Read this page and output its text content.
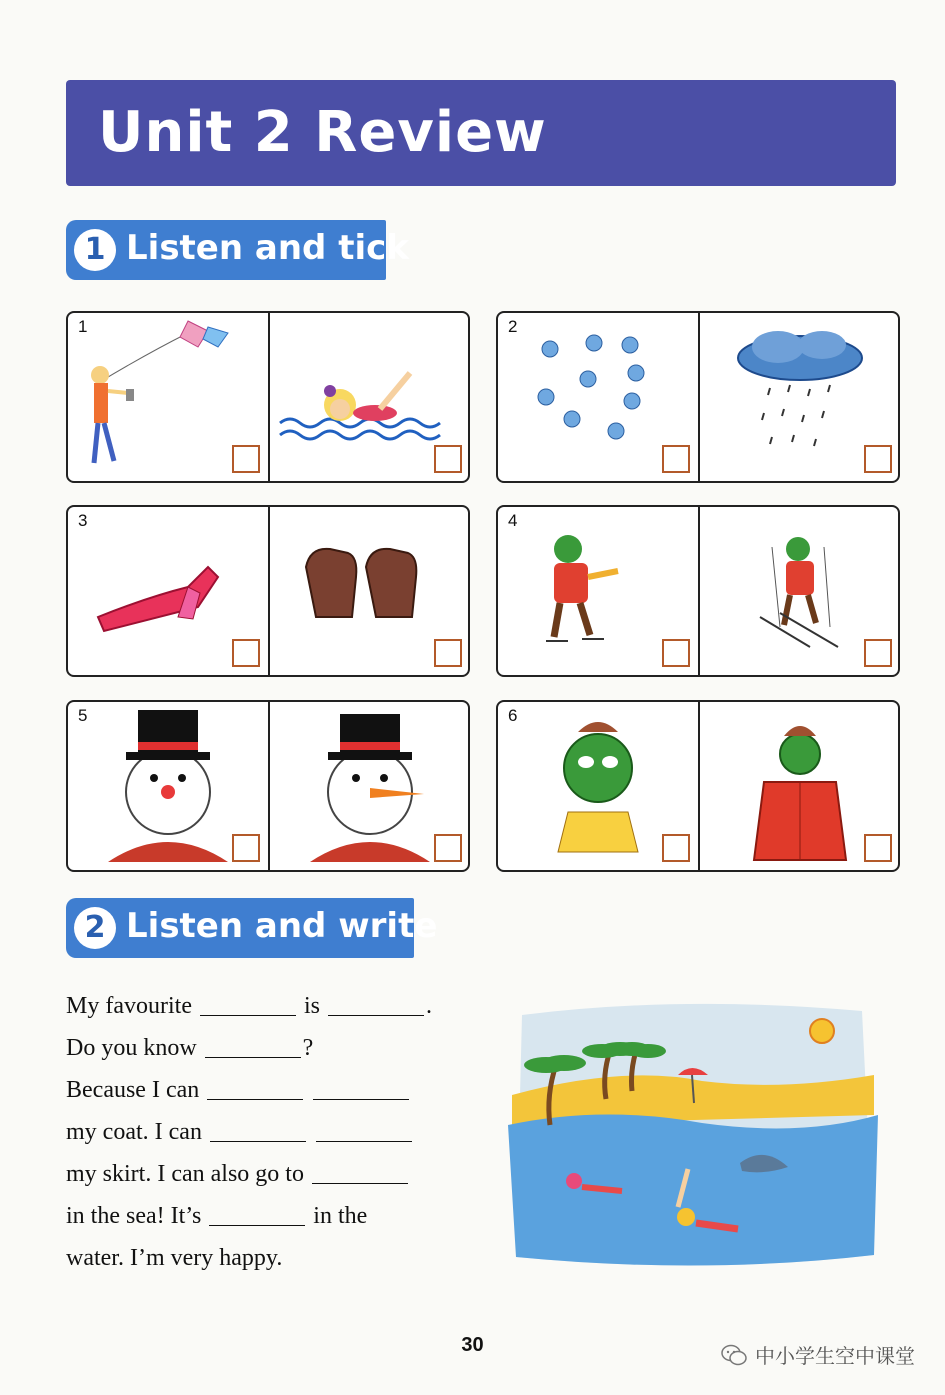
Unit 2 Review
1 Listen and tick
1	2
3	4
5	6
2 Listen and write
My favourite	is	.
Do you know	?
Because I can
my coat. I can
my skirt. I can also go to
in the sea! It’s	in the
water. I’m very happy.
30	中小学生空中课堂
